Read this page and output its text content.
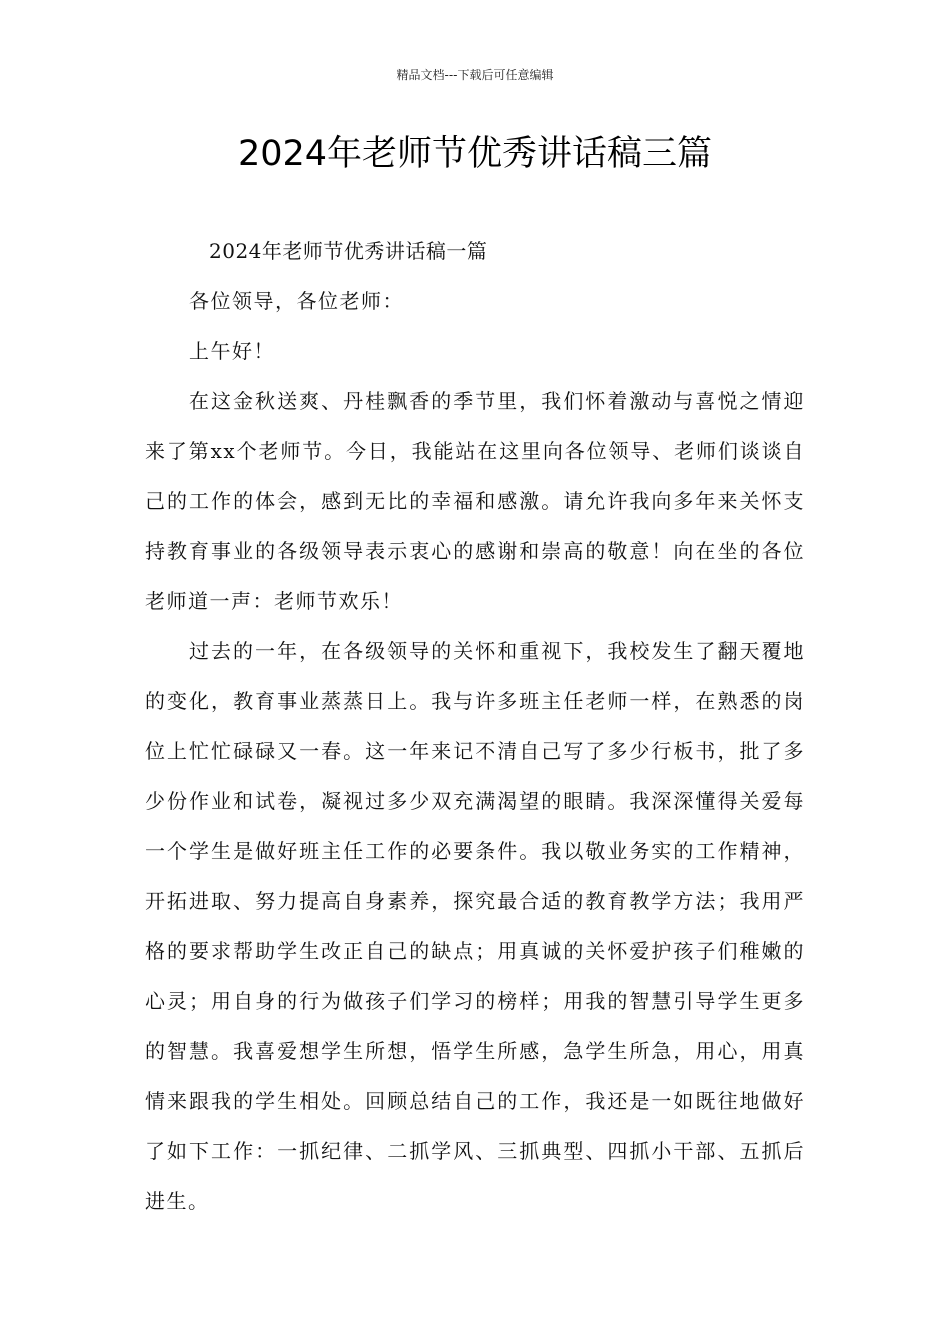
精品文档---下载后可任意编辑
2024年老师节优秀讲话稿三篇

2024年老师节优秀讲话稿一篇

各位领导，各位老师：

上午好！

在这金秋送爽、丹桂飘香的季节里，我们怀着激动与喜悦之情迎来了第xx个老师节。今日，我能站在这里向各位领导、老师们谈谈自己的工作的体会，感到无比的幸福和感激。请允许我向多年来关怀支持教育事业的各级领导表示衷心的感谢和崇高的敬意！向在坐的各位老师道一声：老师节欢乐！

过去的一年，在各级领导的关怀和重视下，我校发生了翻天覆地的变化，教育事业蒸蒸日上。我与许多班主任老师一样，在熟悉的岗位上忙忙碌碌又一春。这一年来记不清自己写了多少行板书，批了多少份作业和试卷，凝视过多少双充满渴望的眼睛。我深深懂得关爱每一个学生是做好班主任工作的必要条件。我以敬业务实的工作精神，开拓进取、努力提高自身素养，探究最合适的教育教学方法；我用严格的要求帮助学生改正自己的缺点；用真诚的关怀爱护孩子们稚嫩的心灵；用自身的行为做孩子们学习的榜样；用我的智慧引导学生更多的智慧。我喜爱想学生所想，悟学生所感，急学生所急，用心，用真情来跟我的学生相处。回顾总结自己的工作，我还是一如既往地做好了如下工作：一抓纪律、二抓学风、三抓典型、四抓小干部、五抓后进生。
